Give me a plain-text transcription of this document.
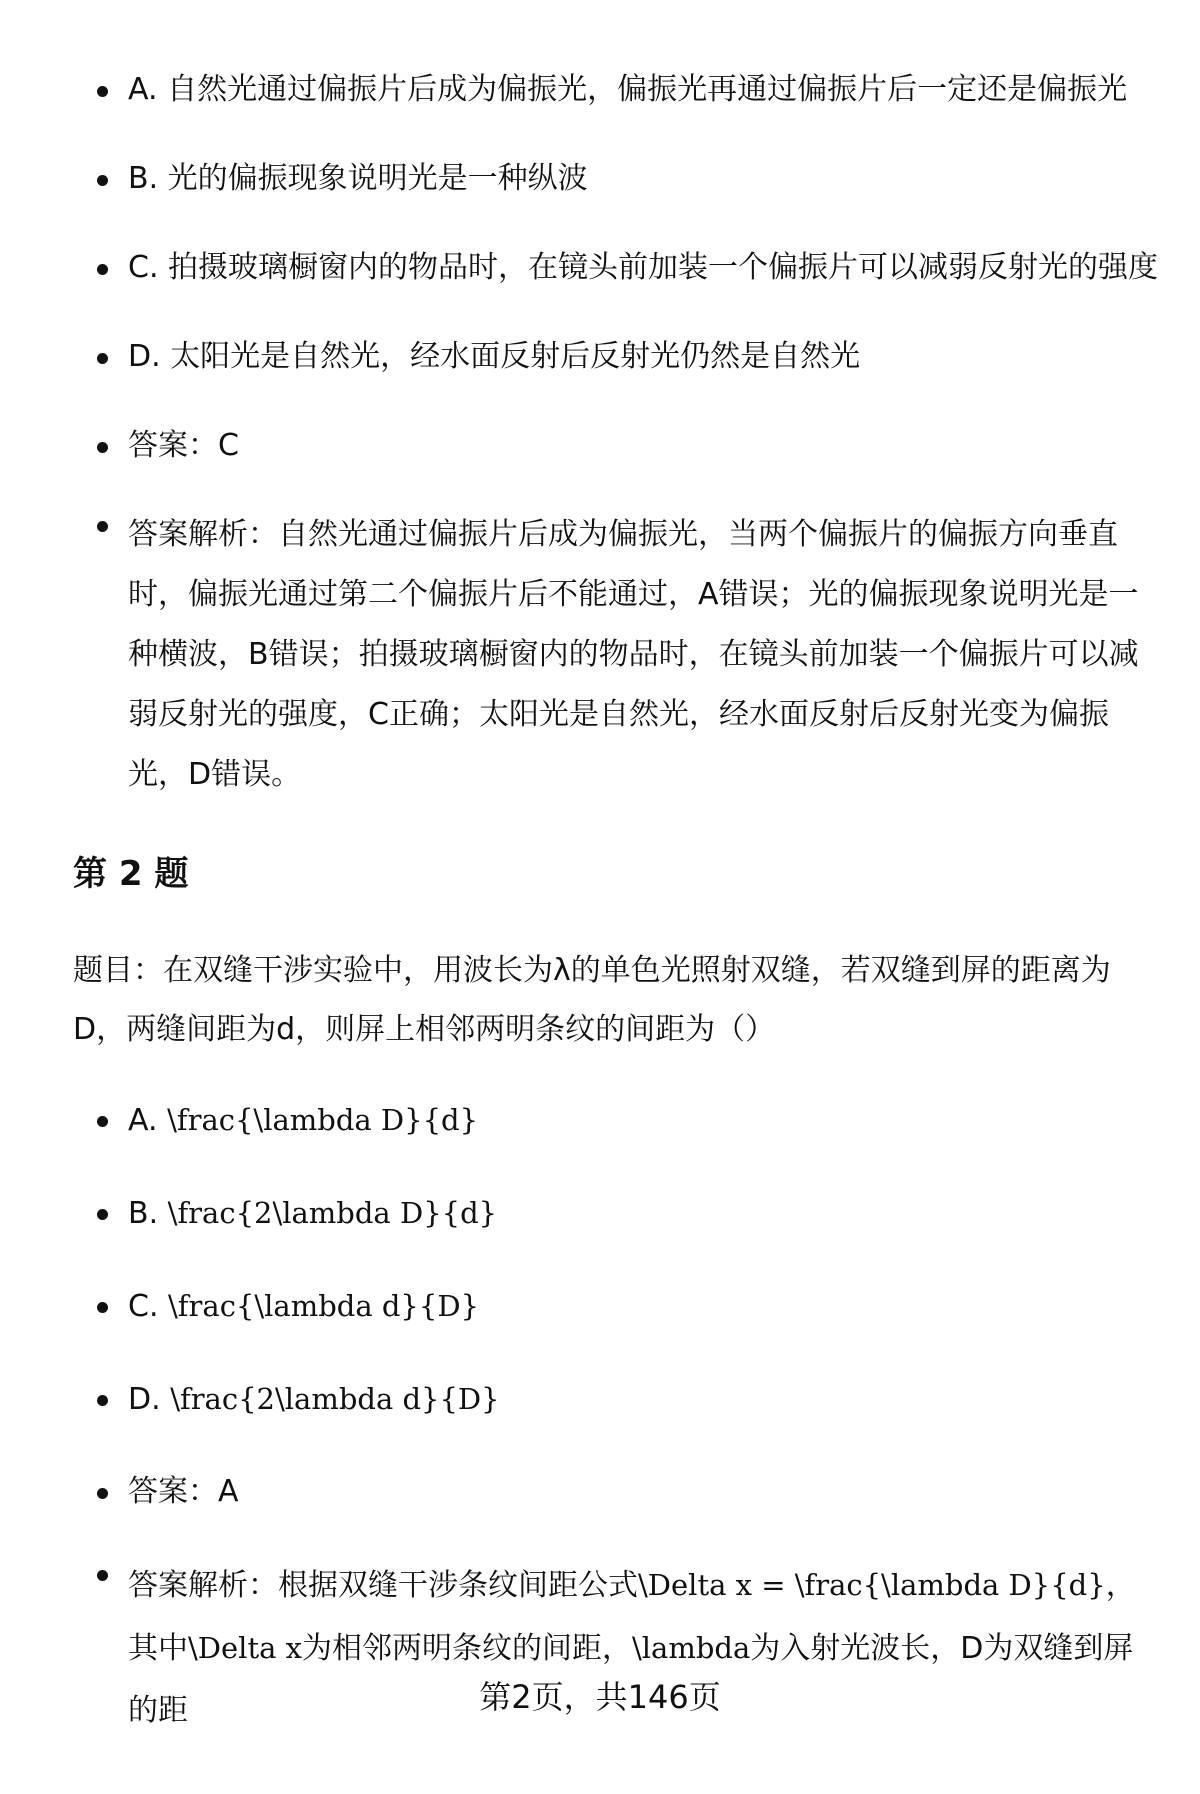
A. 自然光通过偏振片后成为偏振光，偏振光再通过偏振片后一定还是偏振光
B. 光的偏振现象说明光是一种纵波
C. 拍摄玻璃橱窗内的物品时，在镜头前加装一个偏振片可以减弱反射光的强度
D. 太阳光是自然光，经水面反射后反射光仍然是自然光
答案：C
答案解析：自然光通过偏振片后成为偏振光，当两个偏振片的偏振方向垂直时，偏振光通过第二个偏振片后不能通过，A错误；光的偏振现象说明光是一种横波，B错误；拍摄玻璃橱窗内的物品时，在镜头前加装一个偏振片可以减弱反射光的强度，C正确；太阳光是自然光，经水面反射后反射光变为偏振光，D错误。
第 2 题

题目：在双缝干涉实验中，用波长为λ的单色光照射双缝，若双缝到屏的距离为D，两缝间距为d，则屏上相邻两明条纹的间距为（）

A. \frac{\lambda D}{d}
B. \frac{2\lambda D}{d}
C. \frac{\lambda d}{D}
D. \frac{2\lambda d}{D}
答案：A
答案解析：根据双缝干涉条纹间距公式\Delta x = \frac{\lambda D}{d}，其中\Delta x为相邻两明条纹的间距，\lambda为入射光波长，D为双缝到屏的距	第2页，共146页
